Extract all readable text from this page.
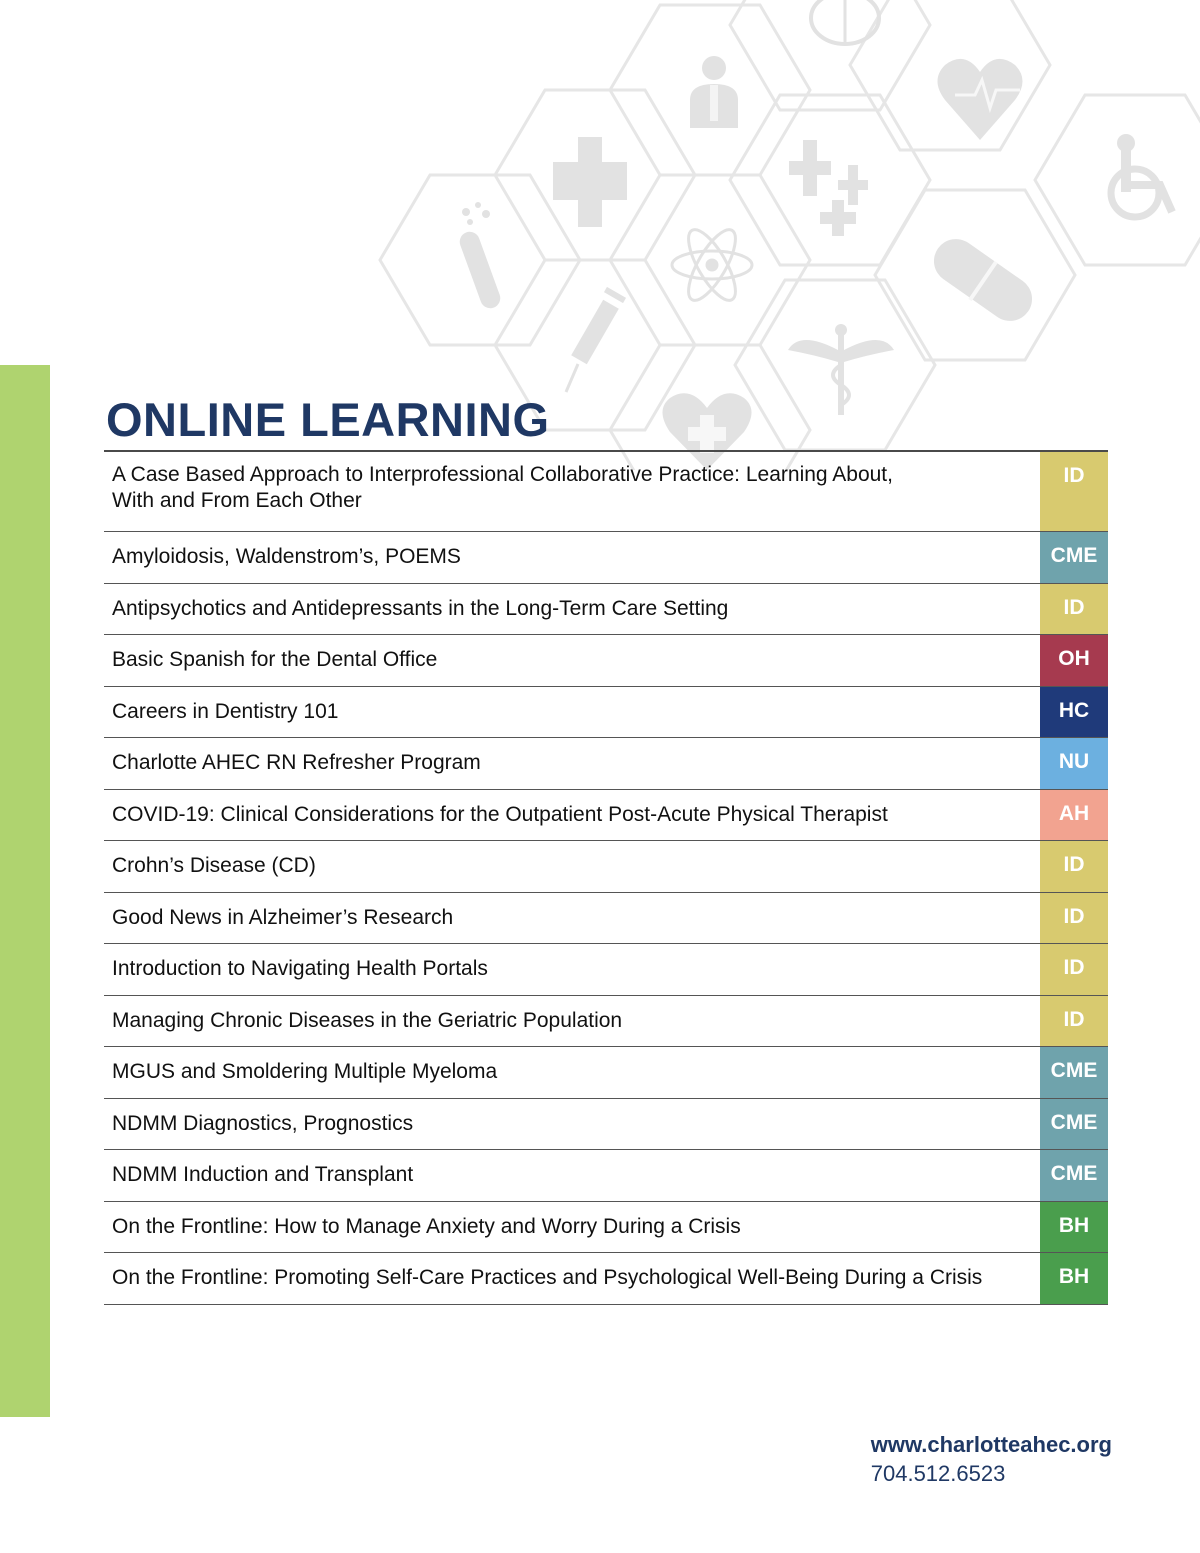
ONLINE LEARNING
A Case Based Approach to Interprofessional Collaborative Practice: Learning About,
With and From Each Other
ID
Amyloidosis, Waldenstrom’s, POEMS	CME
Antipsychotics and Antidepressants in the Long-Term Care Setting	ID
Basic Spanish for the Dental Office	OH
Careers in Dentistry 101	HC
Charlotte AHEC RN Refresher Program	NU
COVID-19: Clinical Considerations for the Outpatient Post-Acute Physical Therapist	AH
Crohn’s Disease (CD)	ID
Good News in Alzheimer’s Research	ID
Introduction to Navigating Health Portals	ID
Managing Chronic Diseases in the Geriatric Population	ID
MGUS and Smoldering Multiple Myeloma	CME
NDMM Diagnostics, Prognostics	CME
NDMM Induction and Transplant	CME
On the Frontline: How to Manage Anxiety and Worry During a Crisis	BH
On the Frontline: Promoting Self-Care Practices and Psychological Well-Being During a Crisis	BH
www.charlotteahec.org
704.512.6523
